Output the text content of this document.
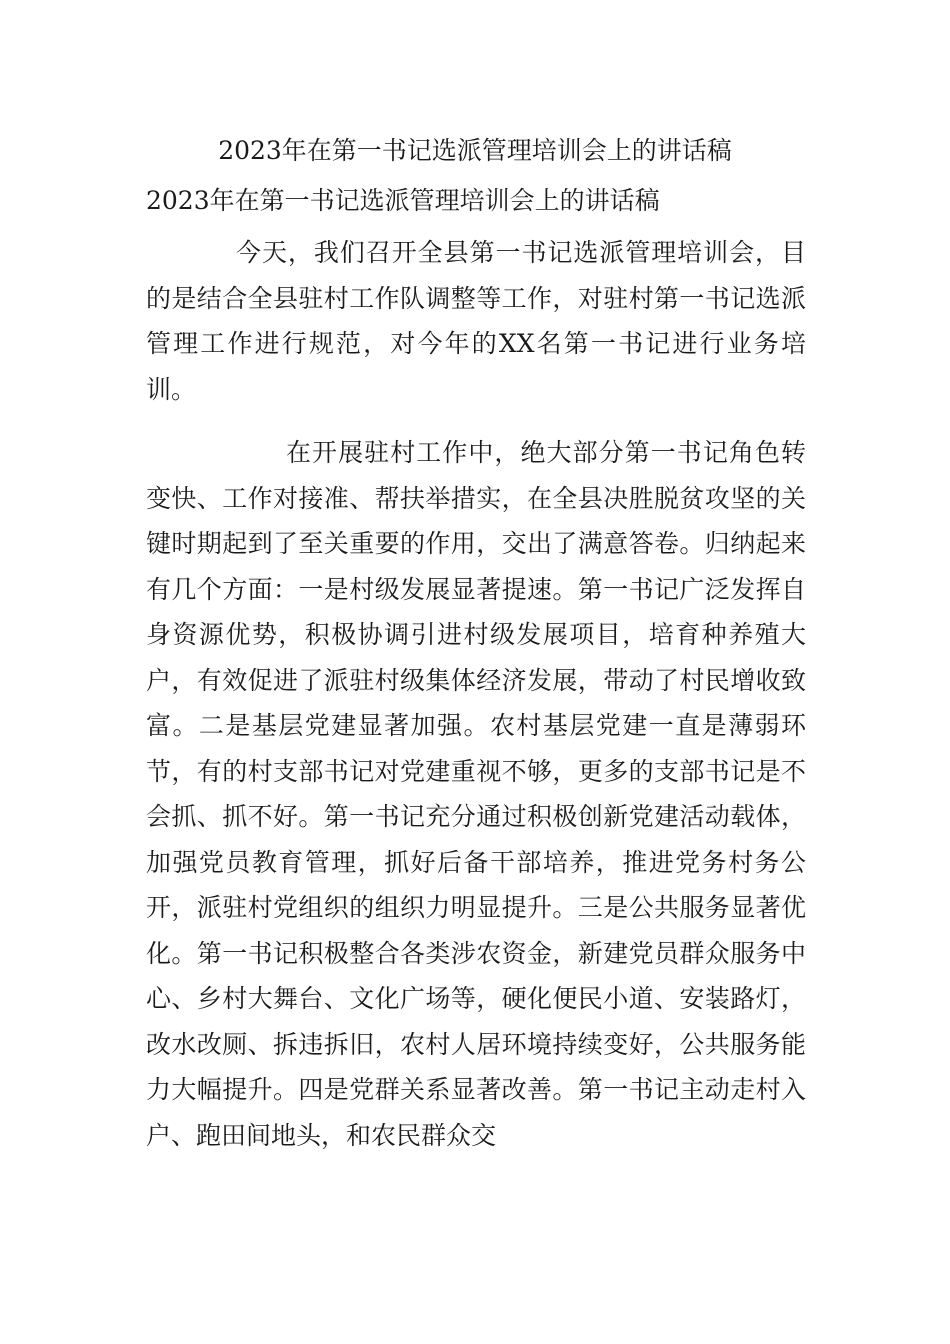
2023年在第一书记选派管理培训会上的讲话稿
2023年在第一书记选派管理培训会上的讲话稿

今天，我们召开全县第一书记选派管理培训会，目的是结合全县驻村工作队调整等工作，对驻村第一书记选派管理工作进行规范，对今年的XX名第一书记进行业务培训。

在开展驻村工作中，绝大部分第一书记角色转变快、工作对接准、帮扶举措实，在全县决胜脱贫攻坚的关键时期起到了至关重要的作用，交出了满意答卷。归纳起来有几个方面：一是村级发展显著提速。第一书记广泛发挥自身资源优势，积极协调引进村级发展项目，培育种养殖大户，有效促进了派驻村级集体经济发展，带动了村民增收致富。二是基层党建显著加强。农村基层党建一直是薄弱环节，有的村支部书记对党建重视不够，更多的支部书记是不会抓、抓不好。第一书记充分通过积极创新党建活动载体，加强党员教育管理，抓好后备干部培养，推进党务村务公开，派驻村党组织的组织力明显提升。三是公共服务显著优化。第一书记积极整合各类涉农资金，新建党员群众服务中心、乡村大舞台、文化广场等，硬化便民小道、安装路灯，改水改厕、拆违拆旧，农村人居环境持续变好，公共服务能力大幅提升。四是党群关系显著改善。第一书记主动走村入户、跑田间地头，和农民群众交
